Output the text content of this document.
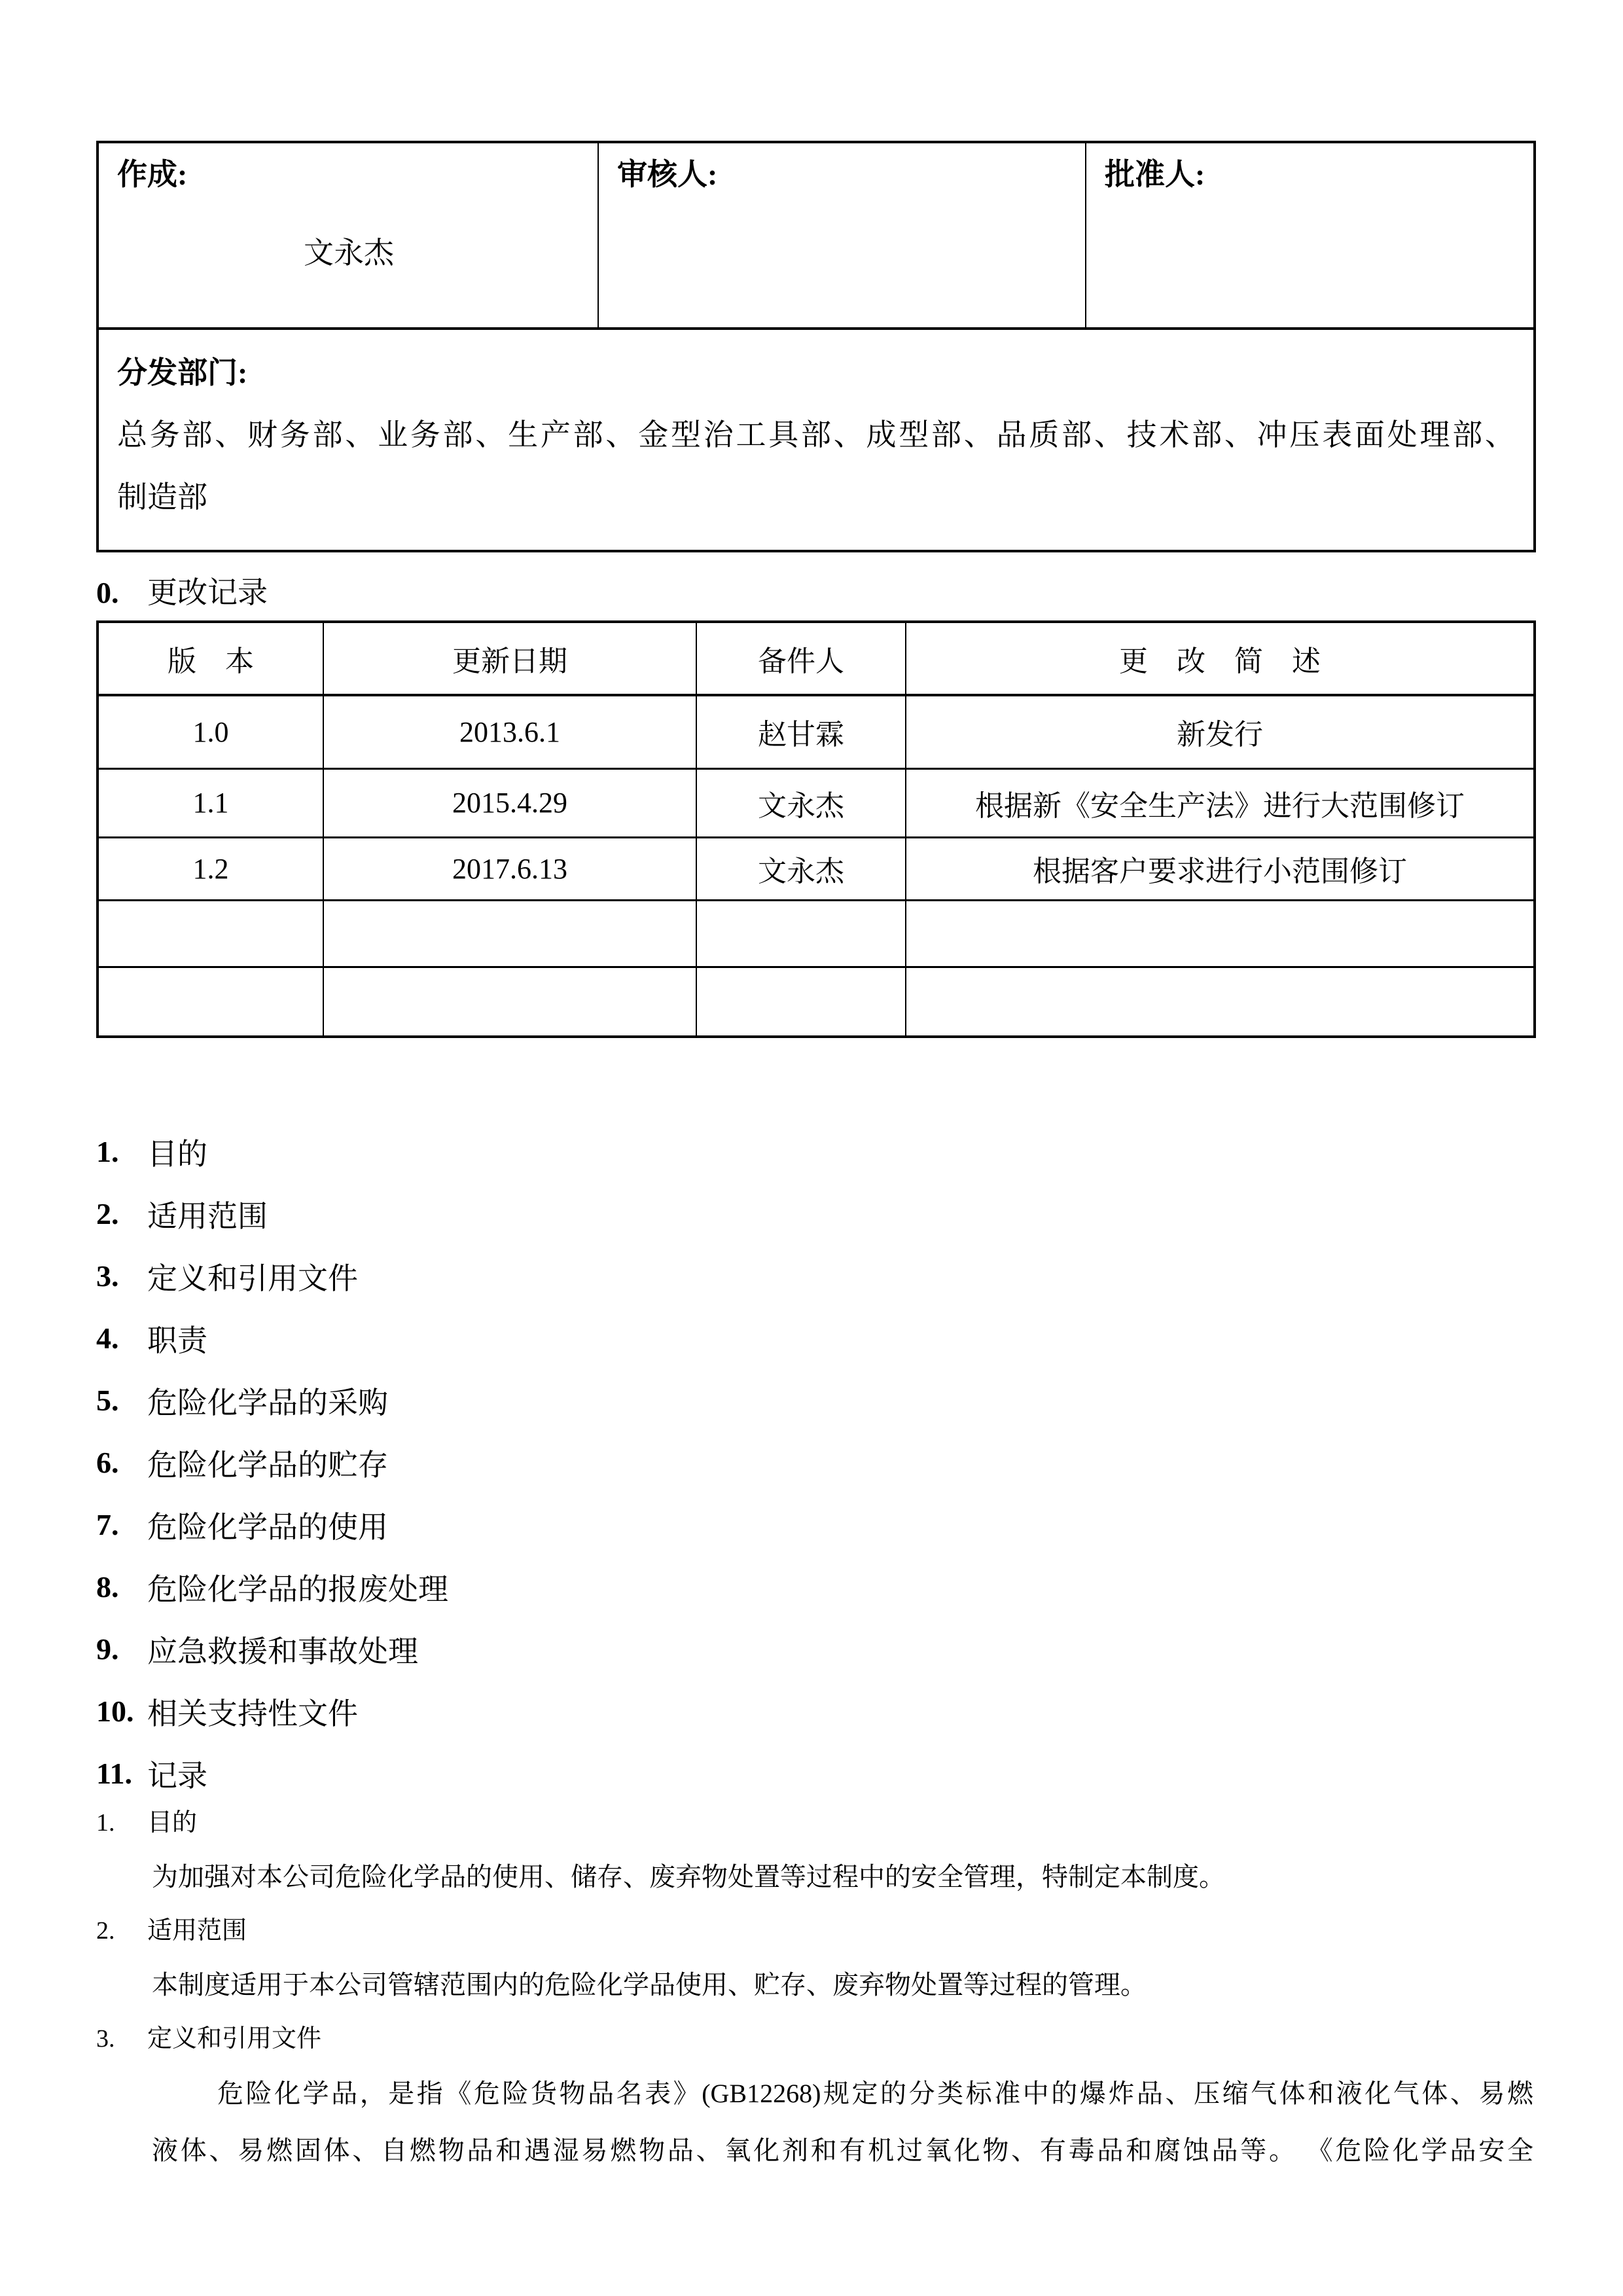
作成:
文永杰

审核人:	批准人:

分发部门:
总务部、财务部、业务部、生产部、金型治工具部、成型部、品质部、技术部、冲压表面处理部、
制造部
0. 更改记录
版　本	更新日期	备件人	更　改　简　述
1.0	2013.6.1	赵甘霖	新发行
1.1	2015.4.29	文永杰	根据新《安全生产法》进行大范围修订
1.2	2017.6.13	文永杰	根据客户要求进行小范围修订

1. 目的
2. 适用范围
3. 定义和引用文件
4. 职责
5. 危险化学品的采购
6. 危险化学品的贮存
7. 危险化学品的使用
8. 危险化学品的报废处理
9. 应急救援和事故处理
10. 相关支持性文件
11. 记录
1. 目的
为加强对本公司危险化学品的使用、储存、废弃物处置等过程中的安全管理，特制定本制度。
2. 适用范围
本制度适用于本公司管辖范围内的危险化学品使用、贮存、废弃物处置等过程的管理。
3. 定义和引用文件
危险化学品，是指《危险货物品名表》(GB12268)规定的分类标准中的爆炸品、压缩气体和液化气体、易燃
液体、易燃固体、自燃物品和遇湿易燃物品、氧化剂和有机过氧化物、有毒品和腐蚀品等。 《危险化学品安全
